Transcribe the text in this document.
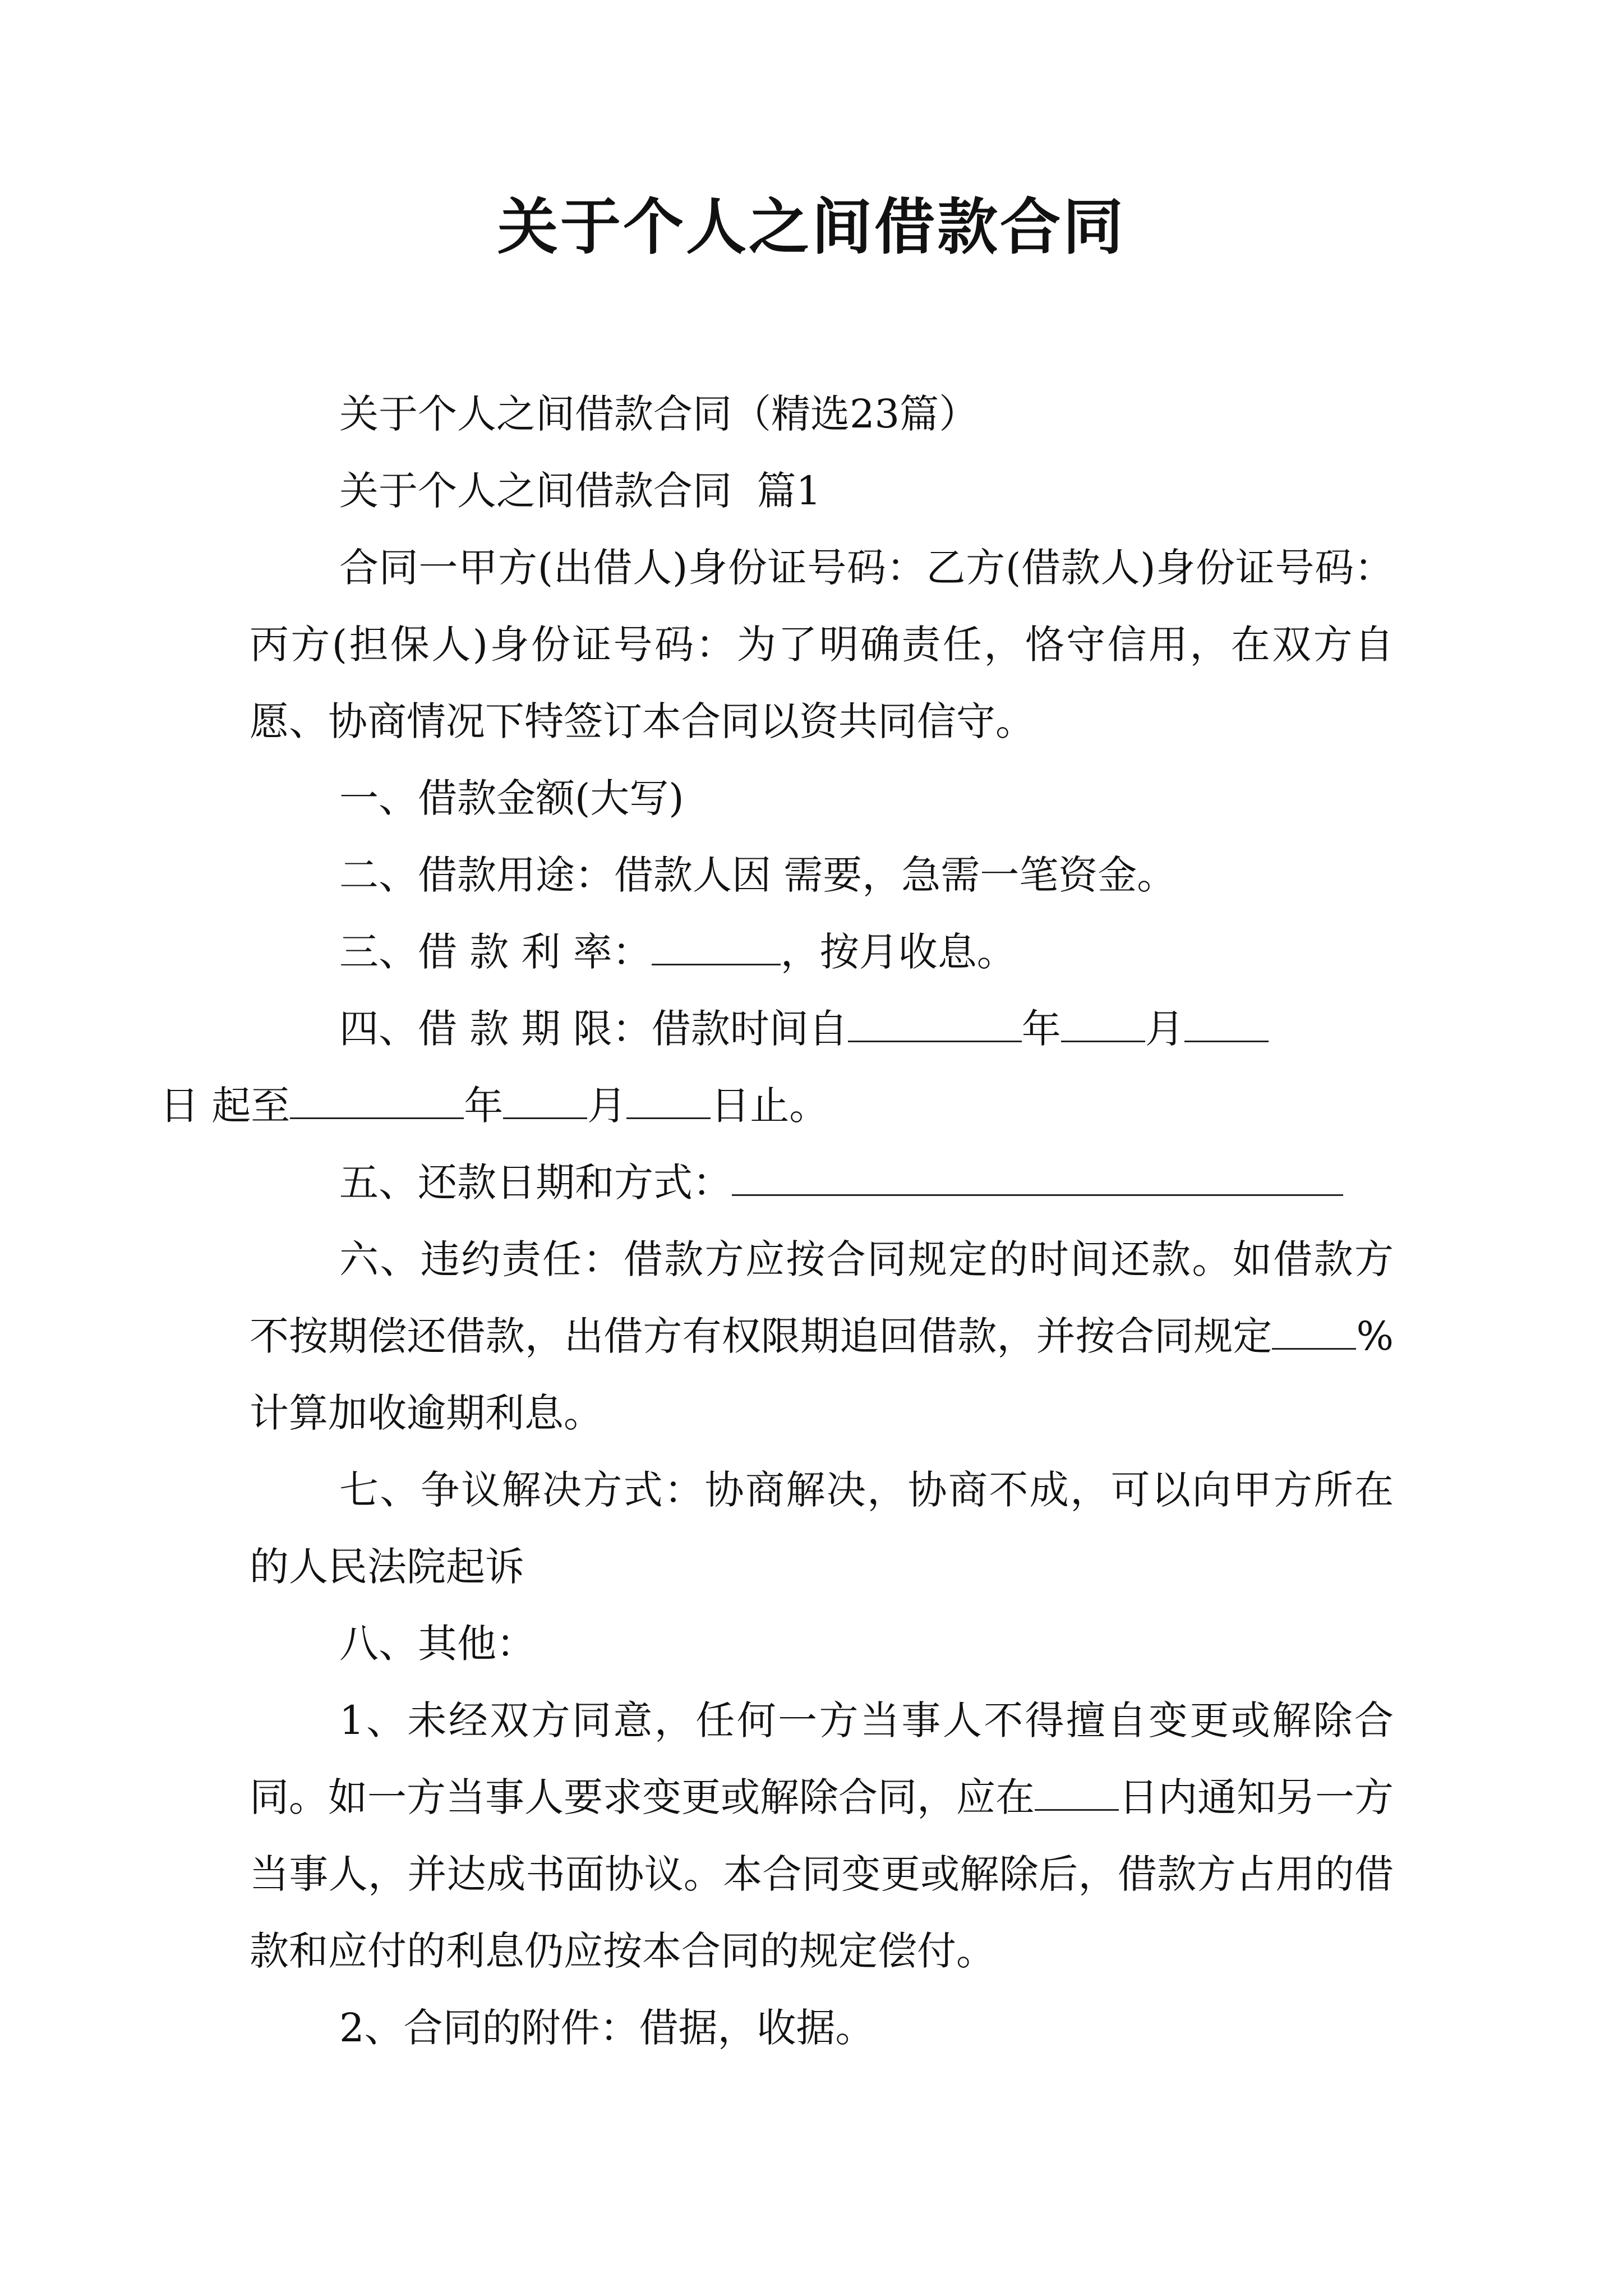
关于个人之间借款合同

关于个人之间借款合同（精选23篇）

关于个人之间借款合同  篇1

合同一甲方(出借人)身份证号码：乙方(借款人)身份证号码：丙方(担保人)身份证号码：为了明确责任，恪守信用，在双方自愿、协商情况下特签订本合同以资共同信守。

一、借款金额(大写)

二、借款用途：借款人因 需要，急需一笔资金。

三、借 款 利 率：	，按月收息。

四、借 款 期 限：借款时间自	年 月
日 起至	年 月 日止。

五、还款日期和方式：

六、违约责任：借款方应按合同规定的时间还款。如借款方不按期偿还借款，出借方有权限期追回借款，并按合同规定 %计算加收逾期利息。

七、争议解决方式：协商解决，协商不成，可以向甲方所在的人民法院起诉

八、其他：

1、未经双方同意，任何一方当事人不得擅自变更或解除合同。如一方当事人要求变更或解除合同，应在 日内通知另一方当事人，并达成书面协议。本合同变更或解除后，借款方占用的借款和应付的利息仍应按本合同的规定偿付。

2、合同的附件：借据，收据。
